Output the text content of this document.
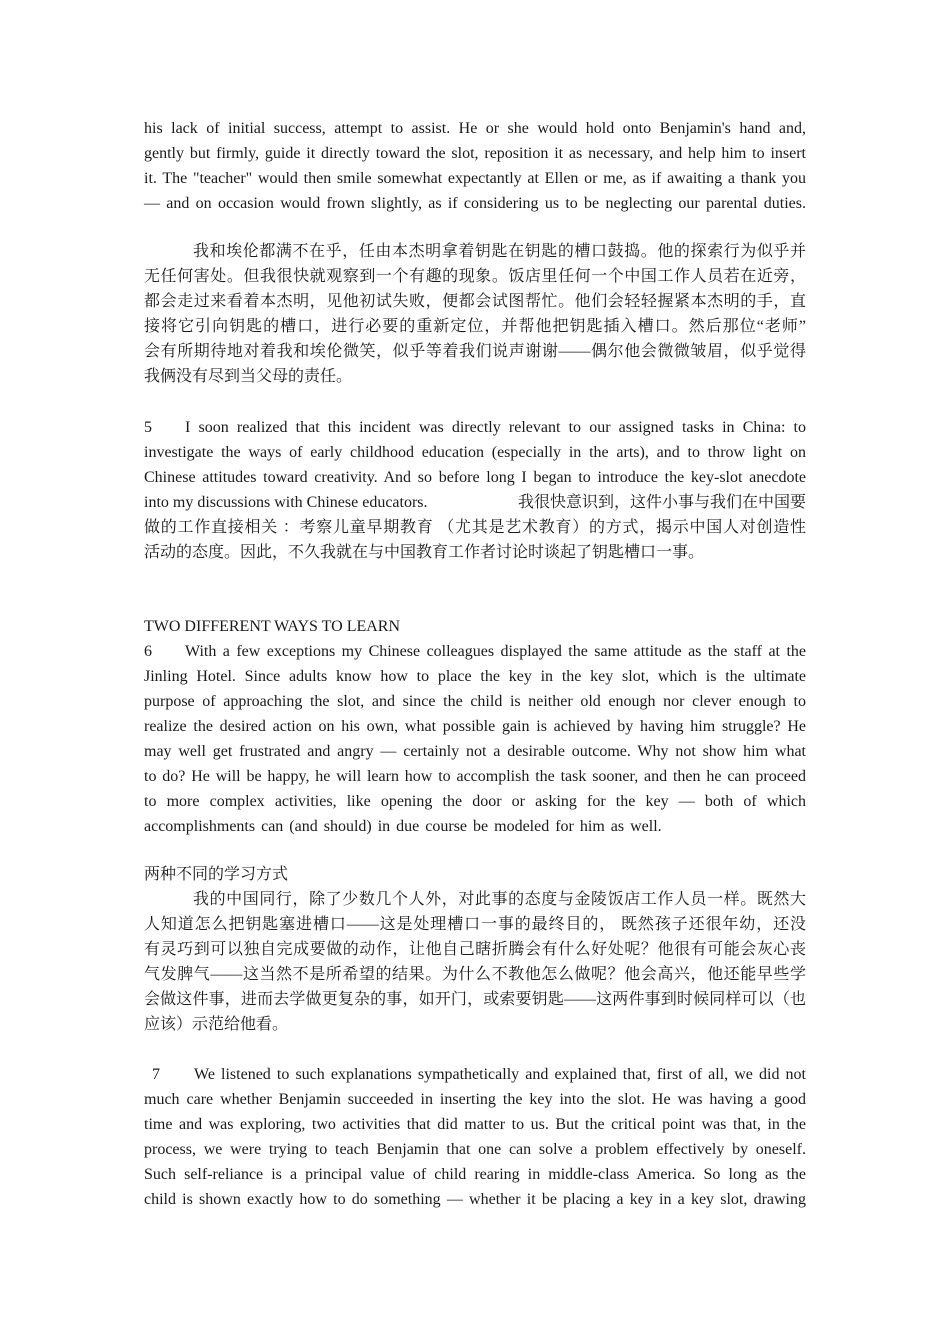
his lack of initial success, attempt to assist. He or she would hold onto Benjamin's hand and,
gently but firmly, guide it directly toward the slot, reposition it as necessary, and help him to insert
it. The "teacher" would then smile somewhat expectantly at Ellen or me, as if awaiting a thank you
— and on occasion would frown slightly, as if considering us to be neglecting our parental duties.
我和埃伦都满不在乎，任由本杰明拿着钥匙在钥匙的槽口鼓捣。他的探索行为似乎并
无任何害处。但我很快就观察到一个有趣的现象。饭店里任何一个中国工作人员若在近旁，
都会走过来看着本杰明，见他初试失败，便都会试图帮忙。他们会轻轻握紧本杰明的手，直
接将它引向钥匙的槽口，进行必要的重新定位，并帮他把钥匙插入槽口。然后那位“老师”
会有所期待地对着我和埃伦微笑，似乎等着我们说声谢谢——偶尔他会微微皱眉，似乎觉得
我俩没有尽到当父母的责任。
5 I soon realized that this incident was directly relevant to our assigned tasks in China: to
investigate the ways of early childhood education (especially in the arts), and to throw light on
Chinese attitudes toward creativity. And so before long I began to introduce the key-slot anecdote
into my discussions with Chinese educators.	我很快意识到，这件小事与我们在中国要
做的工作直接相关 ：考察儿童早期教育 （尤其是艺术教育）的方式，揭示中国人对创造性
活动的态度。因此，不久我就在与中国教育工作者讨论时谈起了钥匙槽口一事。
TWO DIFFERENT WAYS TO LEARN
6 With a few exceptions my Chinese colleagues displayed the same attitude as the staff at the
Jinling Hotel. Since adults know how to place the key in the key slot, which is the ultimate
purpose of approaching the slot, and since the child is neither old enough nor clever enough to
realize the desired action on his own, what possible gain is achieved by having him struggle? He
may well get frustrated and angry — certainly not a desirable outcome. Why not show him what
to do? He will be happy, he will learn how to accomplish the task sooner, and then he can proceed
to more complex activities, like opening the door or asking for the key — both of which
accomplishments can (and should) in due course be modeled for him as well.
两种不同的学习方式
我的中国同行，除了少数几个人外，对此事的态度与金陵饭店工作人员一样。既然大
人知道怎么把钥匙塞进槽口——这是处理槽口一事的最终目的， 既然孩子还很年幼，还没
有灵巧到可以独自完成要做的动作，让他自己瞎折腾会有什么好处呢？他很有可能会灰心丧
气发脾气——这当然不是所希望的结果。为什么不教他怎么做呢？他会高兴，他还能早些学
会做这件事，进而去学做更复杂的事，如开门，或索要钥匙——这两件事到时候同样可以（也
应该）示范给他看。
7 We listened to such explanations sympathetically and explained that, first of all, we did not
much care whether Benjamin succeeded in inserting the key into the slot. He was having a good
time and was exploring, two activities that did matter to us. But the critical point was that, in the
process, we were trying to teach Benjamin that one can solve a problem effectively by oneself.
Such self-reliance is a principal value of child rearing in middle-class America. So long as the
child is shown exactly how to do something — whether it be placing a key in a key slot, drawing
